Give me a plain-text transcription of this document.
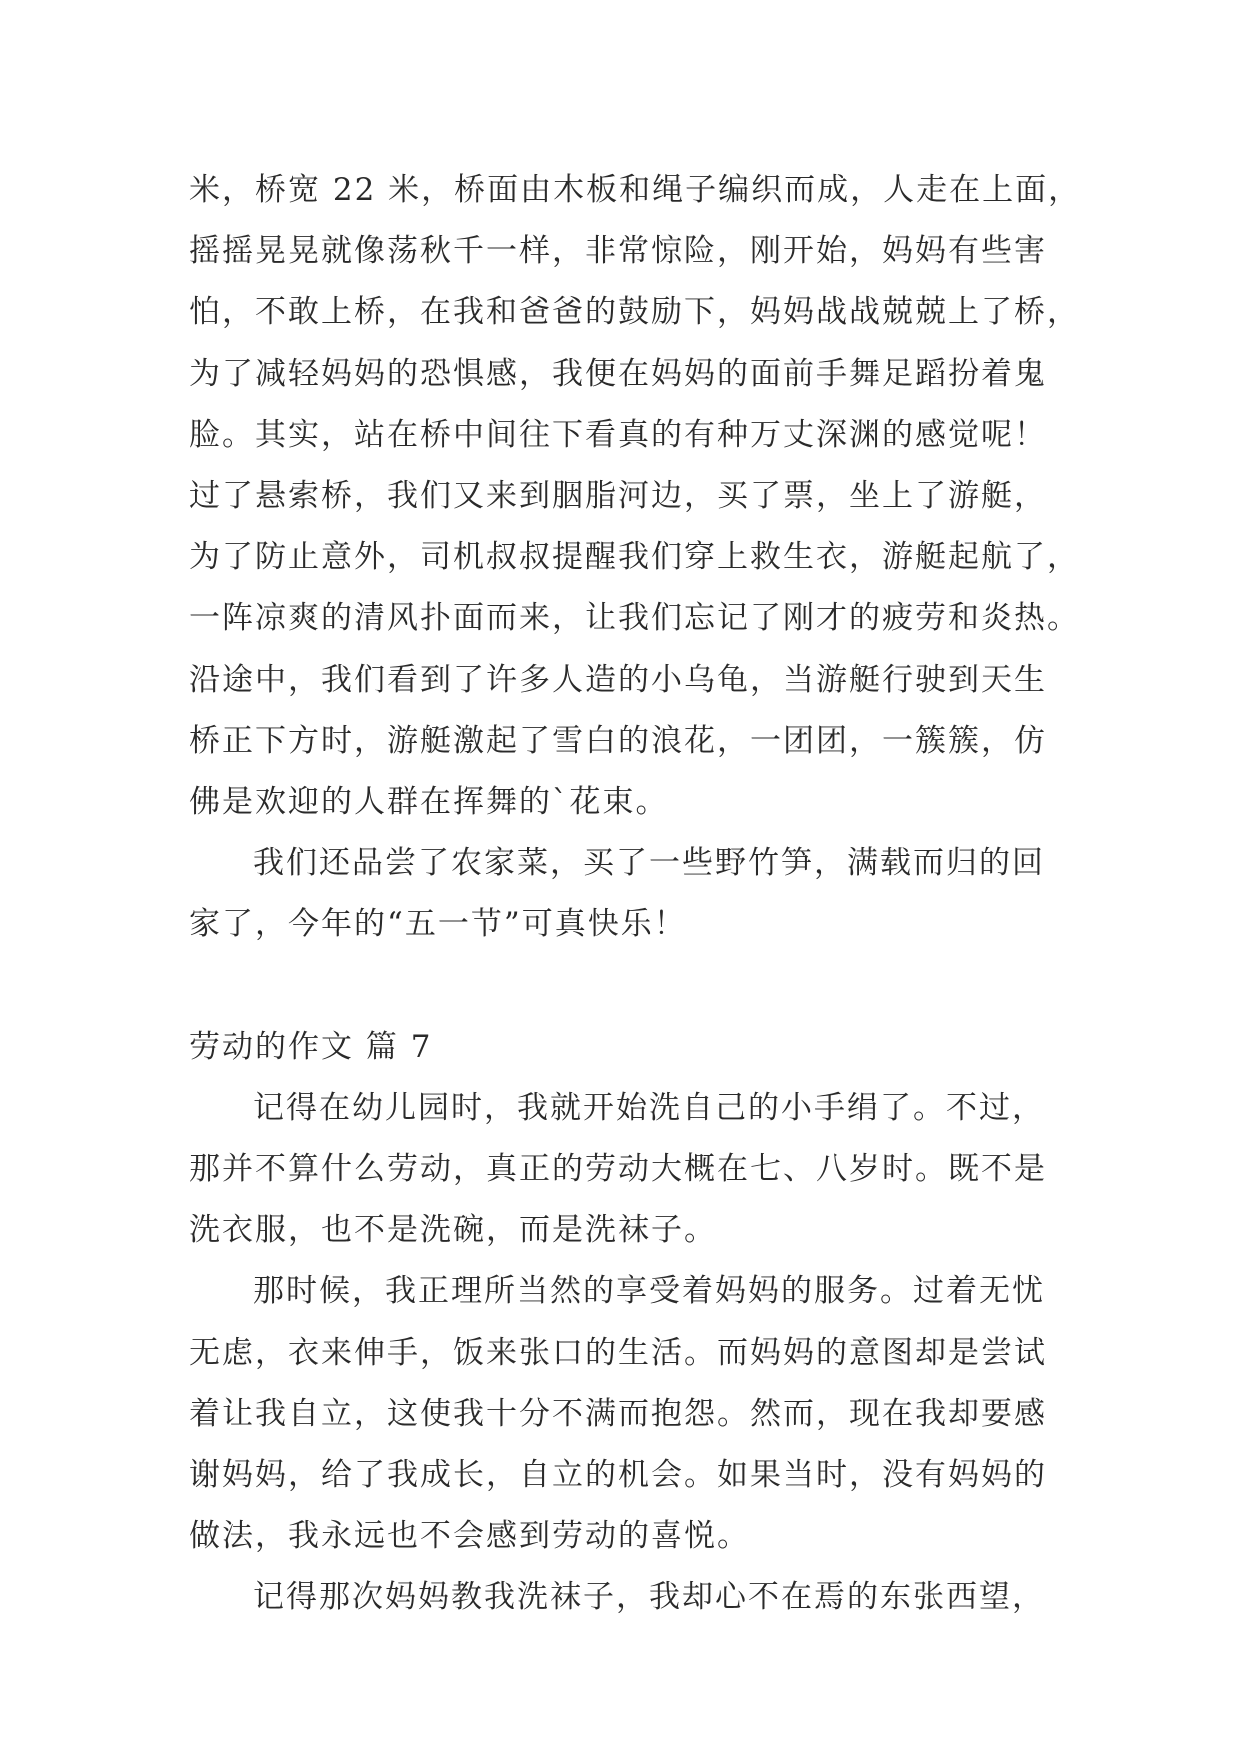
米，桥宽 22 米，桥面由木板和绳子编织而成，人走在上面，
摇摇晃晃就像荡秋千一样，非常惊险，刚开始，妈妈有些害
怕，不敢上桥，在我和爸爸的鼓励下，妈妈战战兢兢上了桥，
为了减轻妈妈的恐惧感，我便在妈妈的面前手舞足蹈扮着鬼
脸。其实，站在桥中间往下看真的有种万丈深渊的感觉呢！
过了悬索桥，我们又来到胭脂河边，买了票，坐上了游艇，
为了防止意外，司机叔叔提醒我们穿上救生衣，游艇起航了，
一阵凉爽的清风扑面而来，让我们忘记了刚才的疲劳和炎热。
沿途中，我们看到了许多人造的小乌龟，当游艇行驶到天生
桥正下方时，游艇激起了雪白的浪花，一团团，一簇簇，仿
佛是欢迎的人群在挥舞的`花束。
我们还品尝了农家菜，买了一些野竹笋，满载而归的回
家了，今年的“五一节”可真快乐！
劳动的作文 篇 7
记得在幼儿园时，我就开始洗自己的小手绢了。不过，
那并不算什么劳动，真正的劳动大概在七、八岁时。既不是
洗衣服，也不是洗碗，而是洗袜子。
那时候，我正理所当然的享受着妈妈的服务。过着无忧
无虑，衣来伸手，饭来张口的生活。而妈妈的意图却是尝试
着让我自立，这使我十分不满而抱怨。然而，现在我却要感
谢妈妈，给了我成长，自立的机会。如果当时，没有妈妈的
做法，我永远也不会感到劳动的喜悦。
记得那次妈妈教我洗袜子，我却心不在焉的东张西望，
